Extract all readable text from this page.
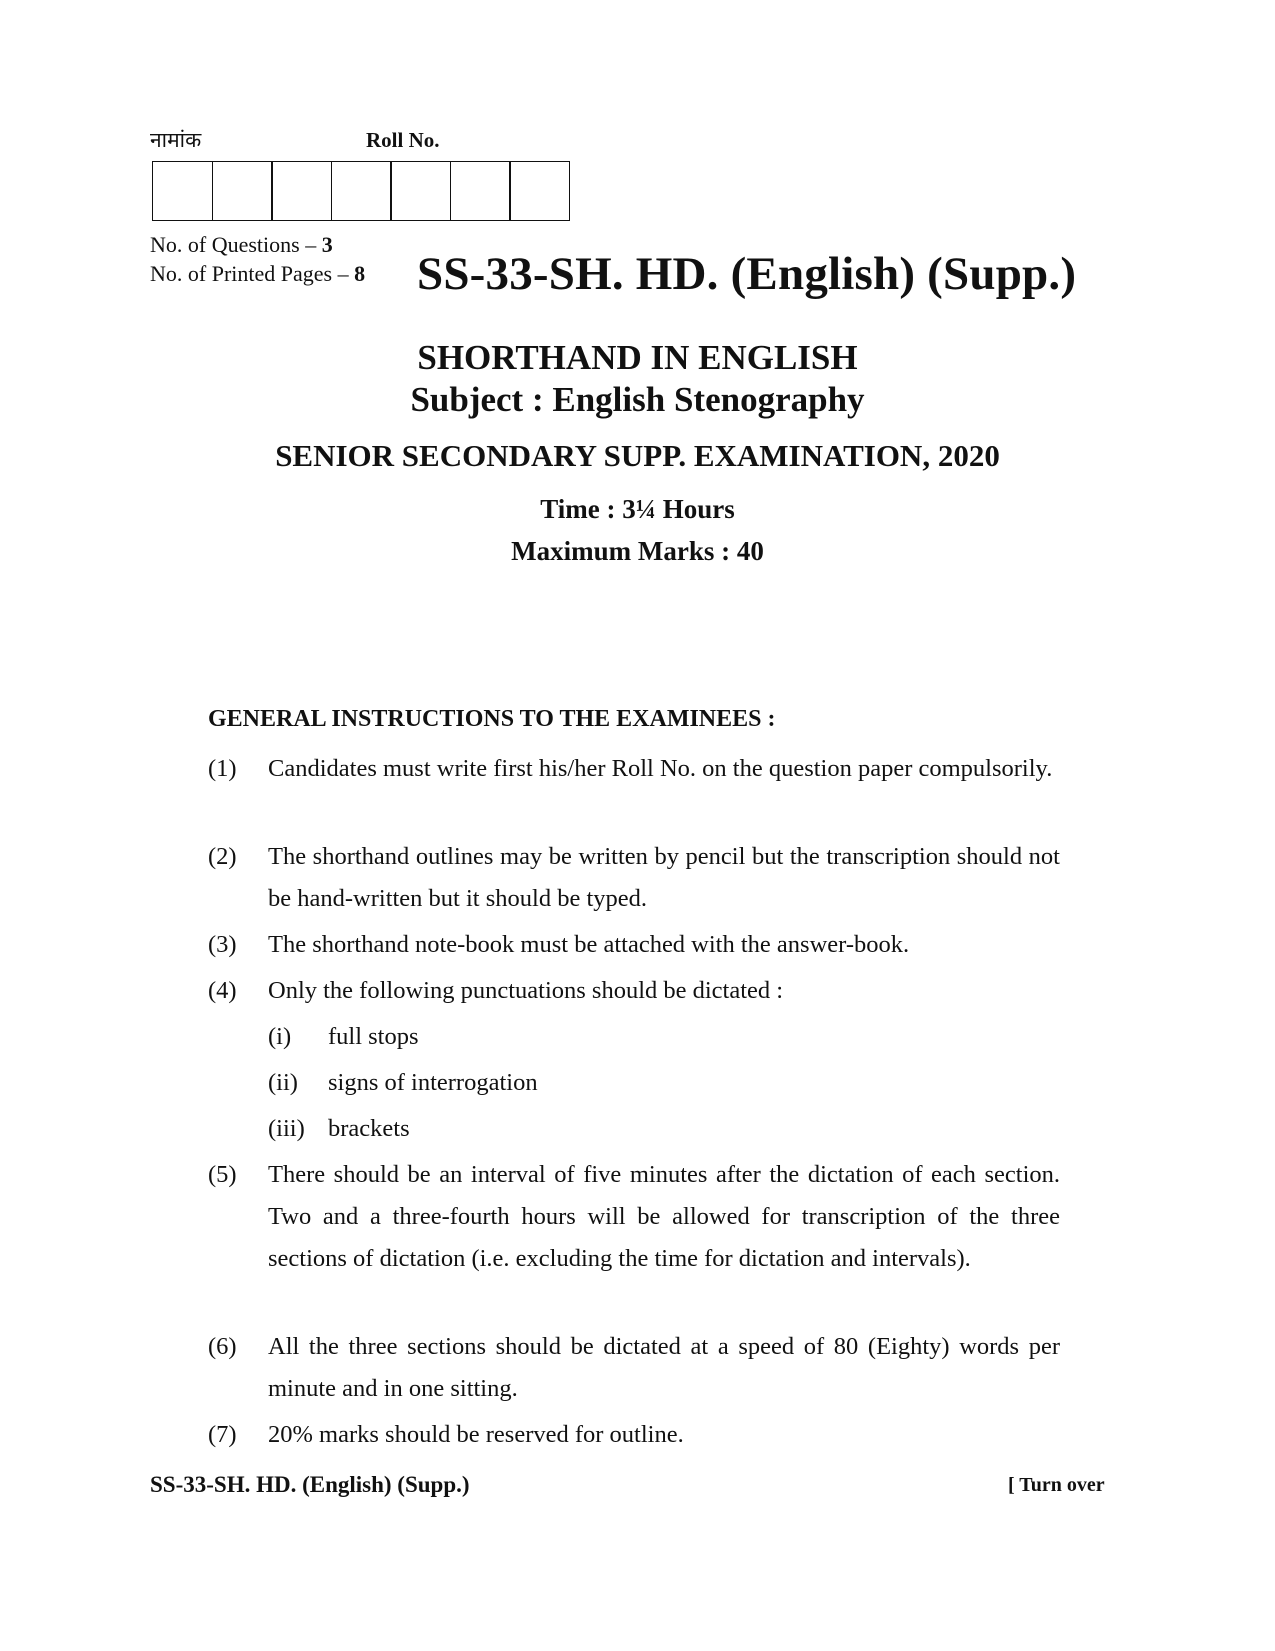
नामांक	Roll No.
No. of Questions – 3
No. of Printed Pages – 8 SS-33-SH. HD. (English) (Supp.)
SHORTHAND IN ENGLISH
Subject : English Stenography
SENIOR SECONDARY SUPP. EXAMINATION, 2020
Time : 3¼ Hours
Maximum Marks : 40
GENERAL INSTRUCTIONS TO THE EXAMINEES :
(1) Candidates must write first his/her Roll No. on the question paper compulsorily.
(2) The shorthand outlines may be written by pencil but the transcription should not be hand-written but it should be typed.
(3) The shorthand note-book must be attached with the answer-book.
(4) Only the following punctuations should be dictated :
(i) full stops
(ii) signs of interrogation
(iii) brackets
(5) There should be an interval of five minutes after the dictation of each section. Two and a three-fourth hours will be allowed for transcription of the three sections of dictation (i.e. excluding the time for dictation and intervals).
(6) All the three sections should be dictated at a speed of 80 (Eighty) words per minute and in one sitting.
(7) 20% marks should be reserved for outline.
SS-33-SH. HD. (English) (Supp.)	[ Turn over
